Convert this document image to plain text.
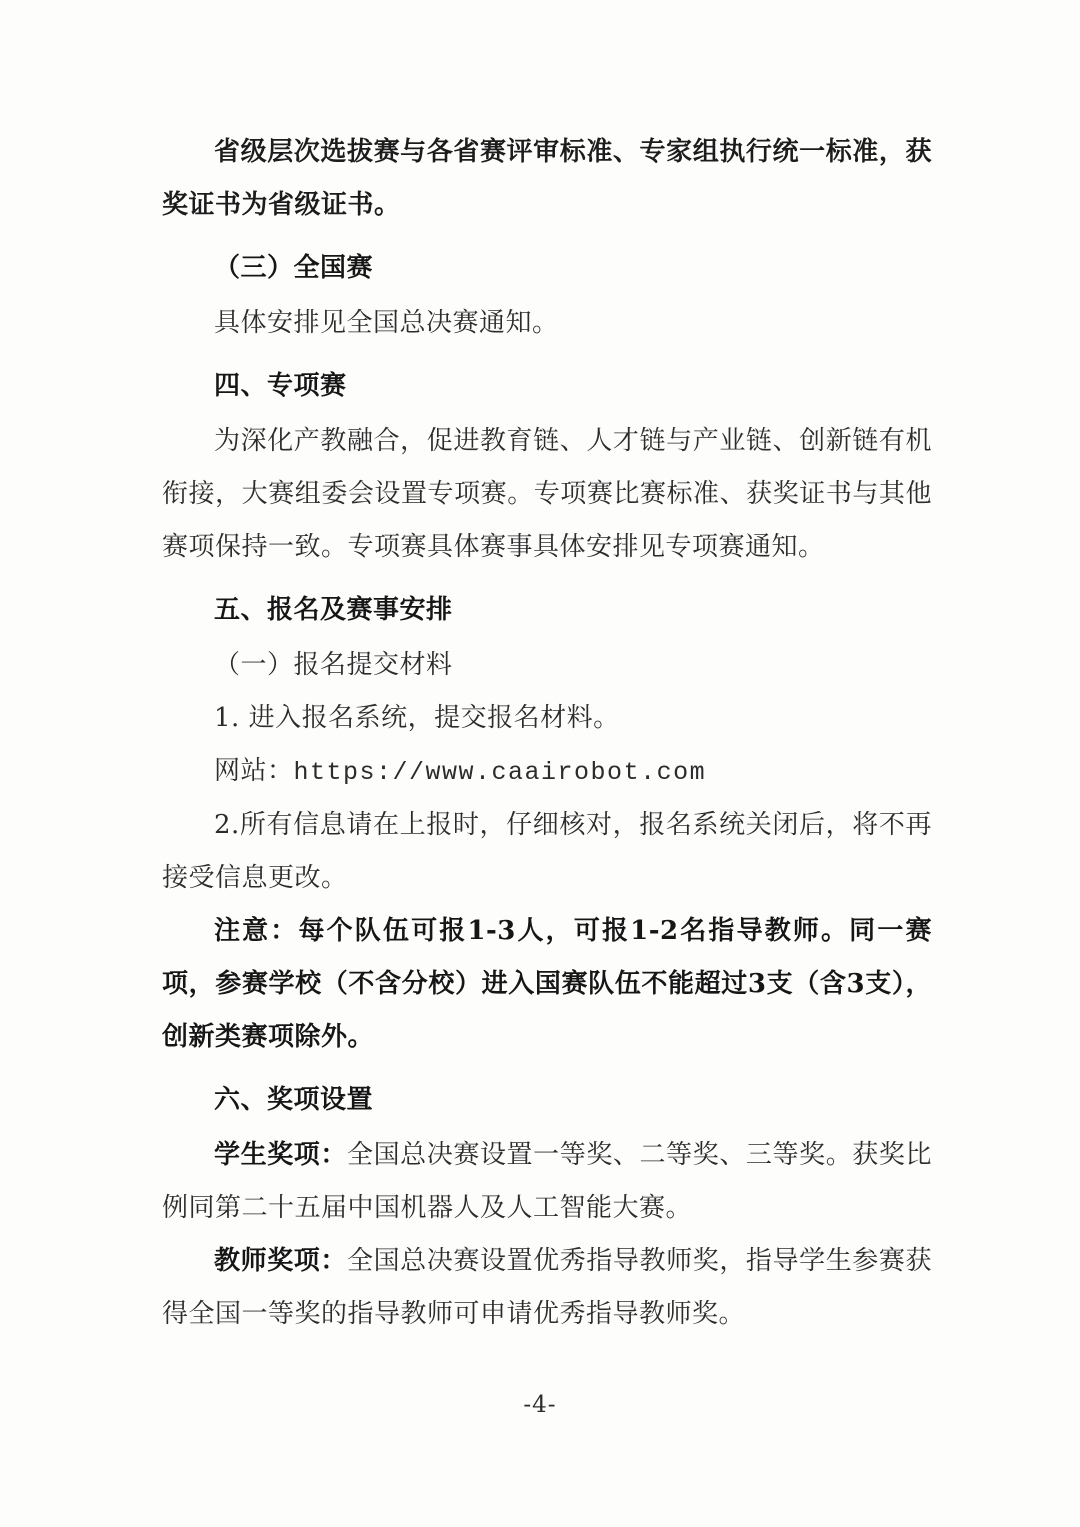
省级层次选拔赛与各省赛评审标准、专家组执行统一标准，获奖证书为省级证书。

（三）全国赛

具体安排见全国总决赛通知。

四、专项赛

为深化产教融合，促进教育链、人才链与产业链、创新链有机衔接，大赛组委会设置专项赛。专项赛比赛标准、获奖证书与其他赛项保持一致。专项赛具体赛事具体安排见专项赛通知。

五、报名及赛事安排

（一）报名提交材料

1. 进入报名系统，提交报名材料。

网站：https://www.caairobot.com

2.所有信息请在上报时，仔细核对，报名系统关闭后，将不再接受信息更改。

注意：每个队伍可报1-3人，可报1-2名指导教师。同一赛项，参赛学校（不含分校）进入国赛队伍不能超过3支（含3支），创新类赛项除外。

六、奖项设置

学生奖项：全国总决赛设置一等奖、二等奖、三等奖。获奖比例同第二十五届中国机器人及人工智能大赛。

教师奖项：全国总决赛设置优秀指导教师奖，指导学生参赛获得全国一等奖的指导教师可申请优秀指导教师奖。

-4-
